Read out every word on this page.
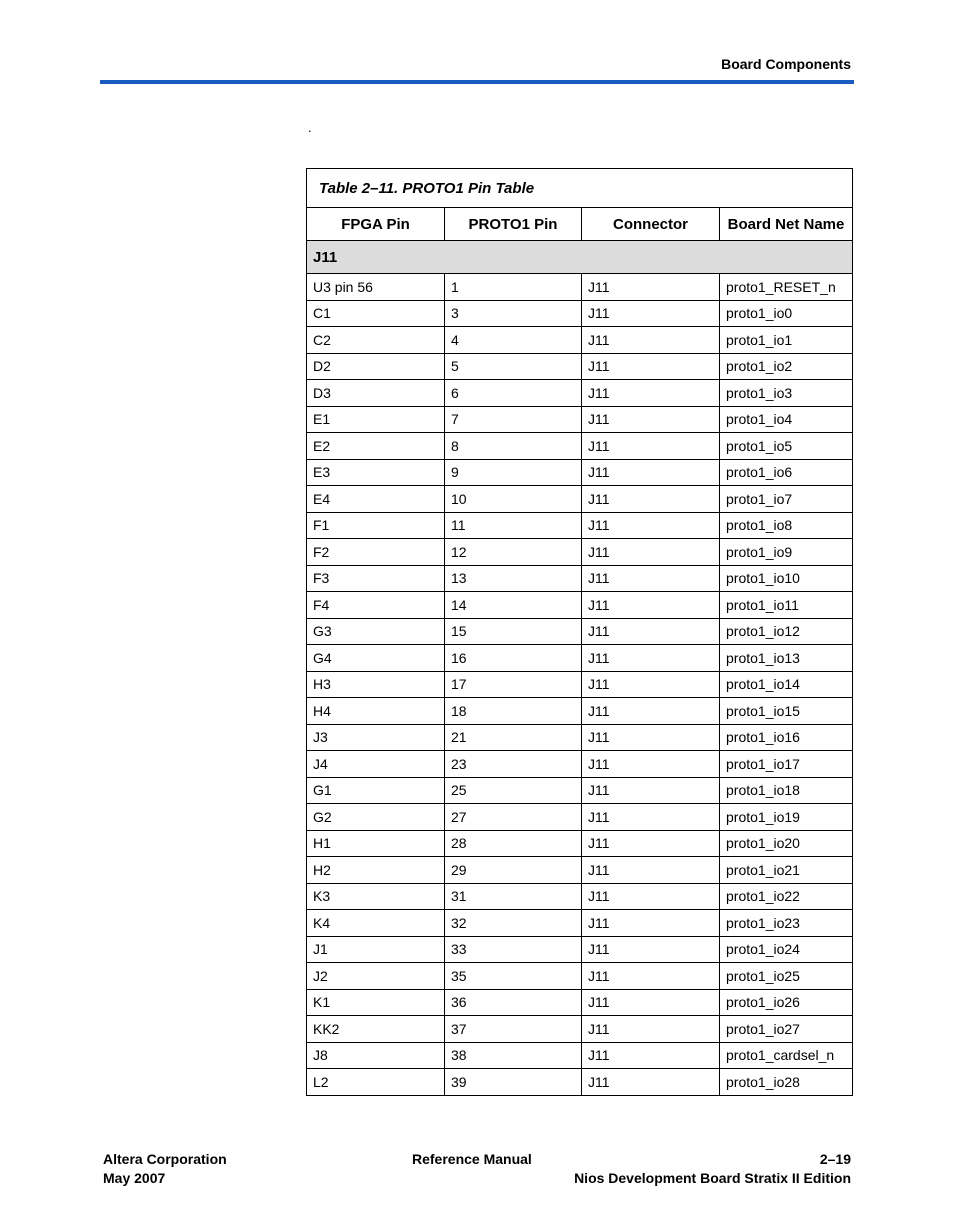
Board Components
.
Table 2–11. PROTO1 Pin Table			
FPGA Pin	PROTO1 Pin	Connector	Board Net Name
J11			
U3 pin 56	1	J11	proto1_RESET_n
C1	3	J11	proto1_io0
C2	4	J11	proto1_io1
D2	5	J11	proto1_io2
D3	6	J11	proto1_io3
E1	7	J11	proto1_io4
E2	8	J11	proto1_io5
E3	9	J11	proto1_io6
E4	10	J11	proto1_io7
F1	11	J11	proto1_io8
F2	12	J11	proto1_io9
F3	13	J11	proto1_io10
F4	14	J11	proto1_io11
G3	15	J11	proto1_io12
G4	16	J11	proto1_io13
H3	17	J11	proto1_io14
H4	18	J11	proto1_io15
J3	21	J11	proto1_io16
J4	23	J11	proto1_io17
G1	25	J11	proto1_io18
G2	27	J11	proto1_io19
H1	28	J11	proto1_io20
H2	29	J11	proto1_io21
K3	31	J11	proto1_io22
K4	32	J11	proto1_io23
J1	33	J11	proto1_io24
J2	35	J11	proto1_io25
K1	36	J11	proto1_io26
KK2	37	J11	proto1_io27
J8	38	J11	proto1_cardsel_n
L2	39	J11	proto1_io28
Altera Corporation
May 2007
Reference Manual	2–19
Nios Development Board Stratix II Edition
